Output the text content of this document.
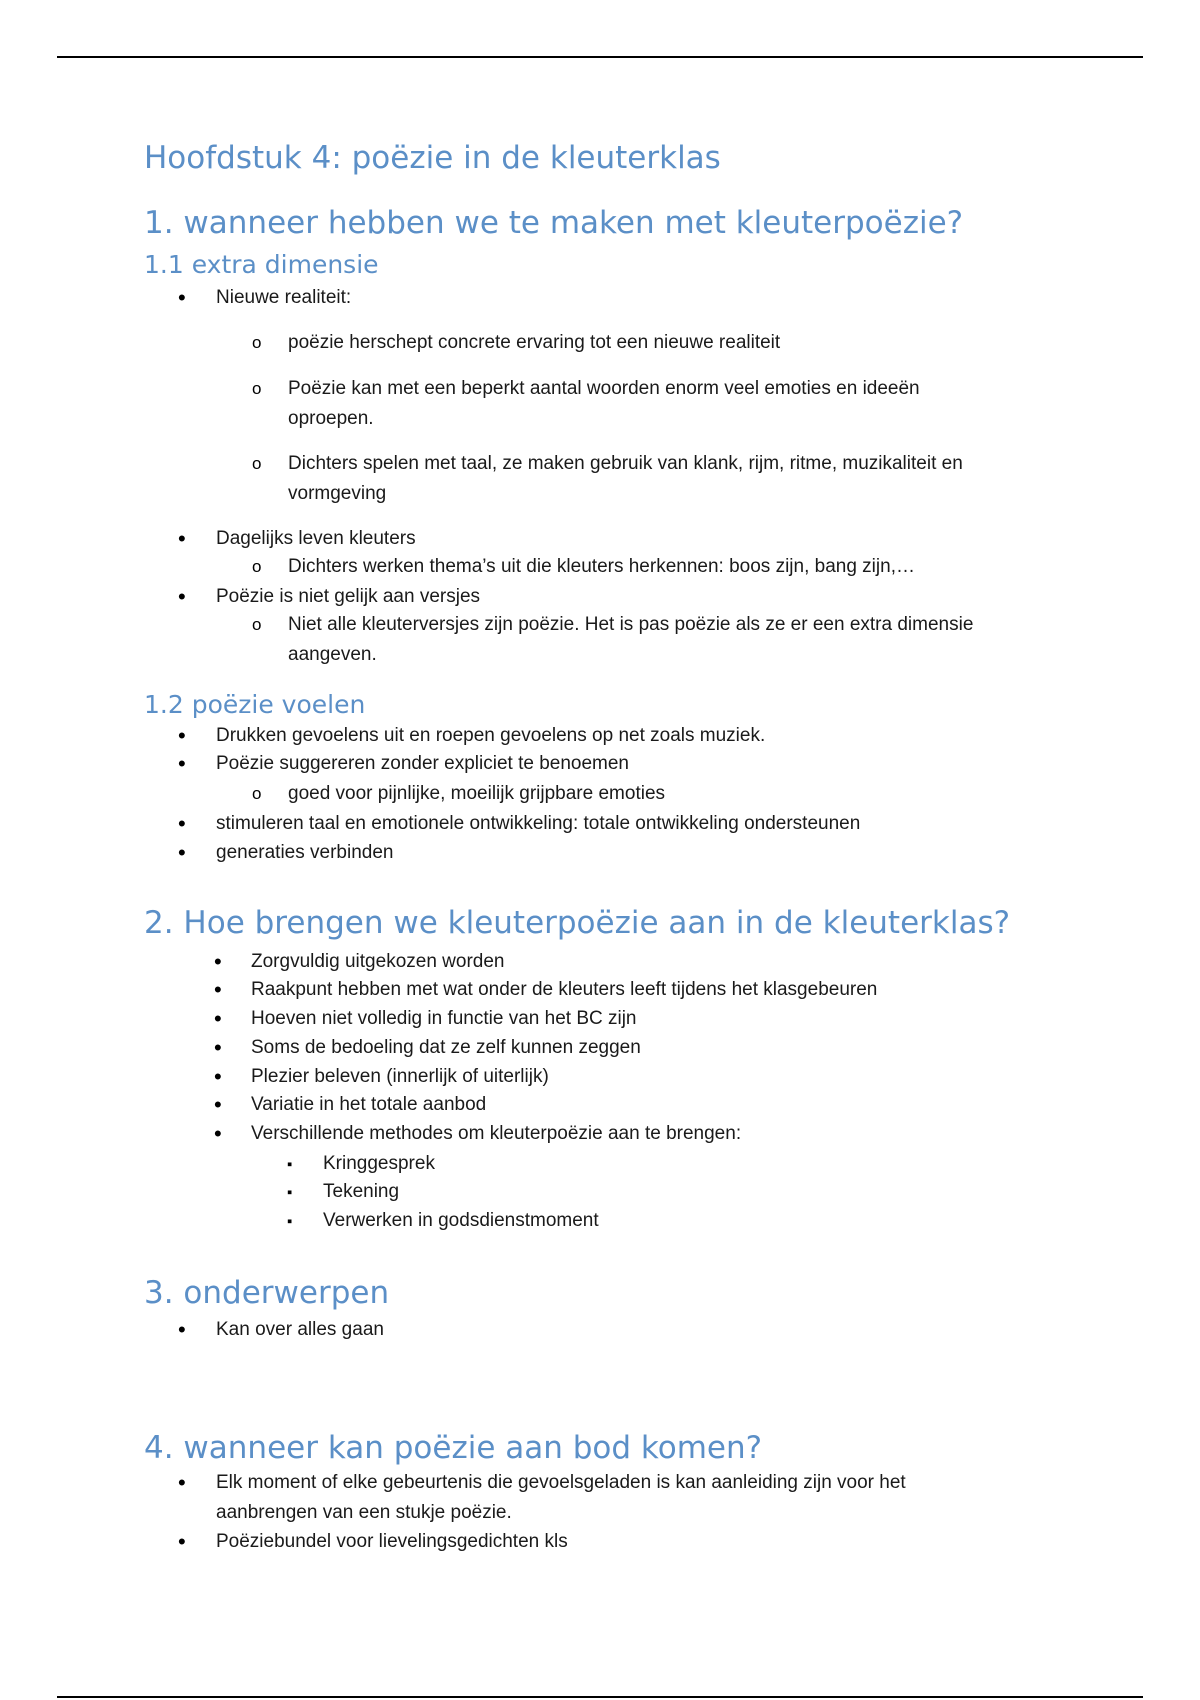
Hoofdstuk 4: poëzie in de kleuterklas
1. wanneer hebben we te maken met kleuterpoëzie?
1.1 extra dimensie
•
Nieuwe realiteit:
o
poëzie herschept concrete ervaring tot een nieuwe realiteit
o
Poëzie kan met een beperkt aantal woorden enorm veel emoties en ideeën oproepen.
o
Dichters spelen met taal, ze maken gebruik van klank, rijm, ritme, muzikaliteit en vormgeving
•
Dagelijks leven kleuters
o
Dichters werken thema’s uit die kleuters herkennen: boos zijn, bang zijn,…
•
Poëzie is niet gelijk aan versjes
o
Niet alle kleuterversjes zijn poëzie. Het is pas poëzie als ze er een extra dimensie aangeven.
1.2 poëzie voelen
•
Drukken gevoelens uit en roepen gevoelens op net zoals muziek.
•
Poëzie suggereren zonder expliciet te benoemen
o
goed voor pijnlijke, moeilijk grijpbare emoties
•
stimuleren taal en emotionele ontwikkeling: totale ontwikkeling ondersteunen
•
generaties verbinden
2. Hoe brengen we kleuterpoëzie aan in de kleuterklas?
•
Zorgvuldig uitgekozen worden
•
Raakpunt hebben met wat onder de kleuters leeft tijdens het klasgebeuren
•
Hoeven niet volledig in functie van het BC zijn
•
Soms de bedoeling dat ze zelf kunnen zeggen
•
Plezier beleven (innerlijk of uiterlijk)
•
Variatie in het totale aanbod
•
Verschillende methodes om kleuterpoëzie aan te brengen:
▪
Kringgesprek
▪
Tekening
▪
Verwerken in godsdienstmoment
3. onderwerpen
•
Kan over alles gaan
4. wanneer kan poëzie aan bod komen?
•
Elk moment of elke gebeurtenis die gevoelsgeladen is kan aanleiding zijn voor het aanbrengen van een stukje poëzie.
•
Poëziebundel voor lievelingsgedichten kls
